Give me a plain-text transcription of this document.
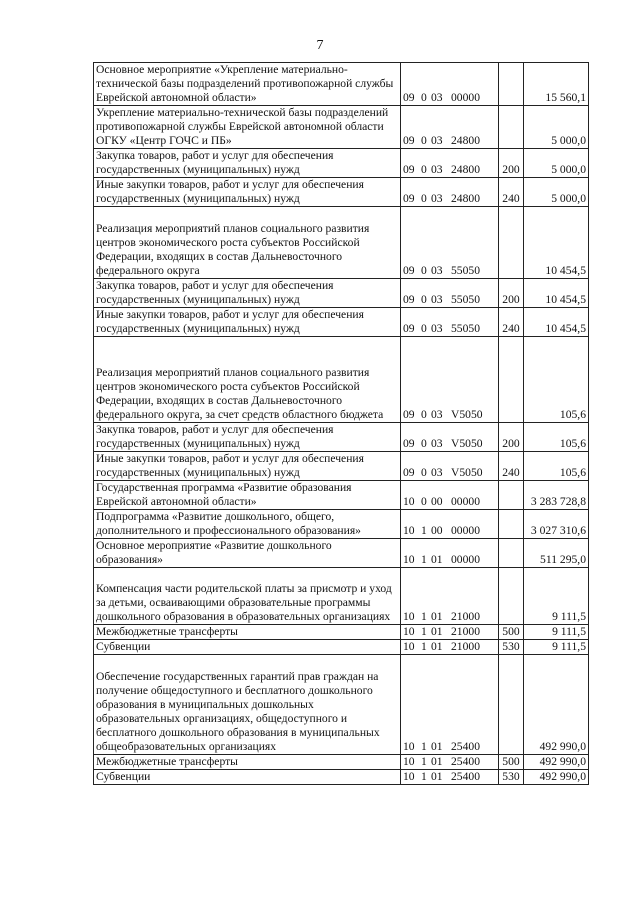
7
Основное мероприятие «Укрепление материально-технической базы подразделений противопожарной службы Еврейской автономной области»	09 0 03 00000		15 560,1
Укрепление материально-технической базы подразделений противопожарной службы Еврейской автономной области ОГКУ «Центр ГОЧС и ПБ»	09 0 03 24800		5 000,0
Закупка товаров, работ и услуг для обеспечения государственных (муниципальных) нужд	09 0 03 24800	200	5 000,0
Иные закупки товаров, работ и услуг для обеспечения государственных (муниципальных) нужд	09 0 03 24800	240	5 000,0
Реализация мероприятий планов социального развития центров экономического роста субъектов Российской Федерации, входящих в состав Дальневосточного федерального округа	09 0 03 55050		10 454,5
Закупка товаров, работ и услуг для обеспечения государственных (муниципальных) нужд	09 0 03 55050	200	10 454,5
Иные закупки товаров, работ и услуг для обеспечения государственных (муниципальных) нужд	09 0 03 55050	240	10 454,5
Реализация мероприятий планов социального развития центров экономического роста субъектов Российской Федерации, входящих в состав Дальневосточного федерального округа, за счет средств областного бюджета	09 0 03 V5050		105,6
Закупка товаров, работ и услуг для обеспечения государственных (муниципальных) нужд	09 0 03 V5050	200	105,6
Иные закупки товаров, работ и услуг для обеспечения государственных (муниципальных) нужд	09 0 03 V5050	240	105,6
Государственная программа «Развитие образования Еврейской автономной области»	10 0 00 00000		3 283 728,8
Подпрограмма «Развитие дошкольного, общего, дополнительного и профессионального образования»	10 1 00 00000		3 027 310,6
Основное мероприятие «Развитие дошкольного образования»	10 1 01 00000		511 295,0
Компенсация части родительской платы за присмотр и уход за детьми, осваивающими образовательные программы дошкольного образования в образовательных организациях	10 1 01 21000		9 111,5
Межбюджетные трансферты	10 1 01 21000	500	9 111,5
Субвенции	10 1 01 21000	530	9 111,5
Обеспечение государственных гарантий прав граждан на получение общедоступного и бесплатного дошкольного образования в муниципальных дошкольных образовательных организациях, общедоступного и бесплатного дошкольного образования в муниципальных общеобразовательных организациях	10 1 01 25400		492 990,0
Межбюджетные трансферты	10 1 01 25400	500	492 990,0
Субвенции	10 1 01 25400	530	492 990,0
